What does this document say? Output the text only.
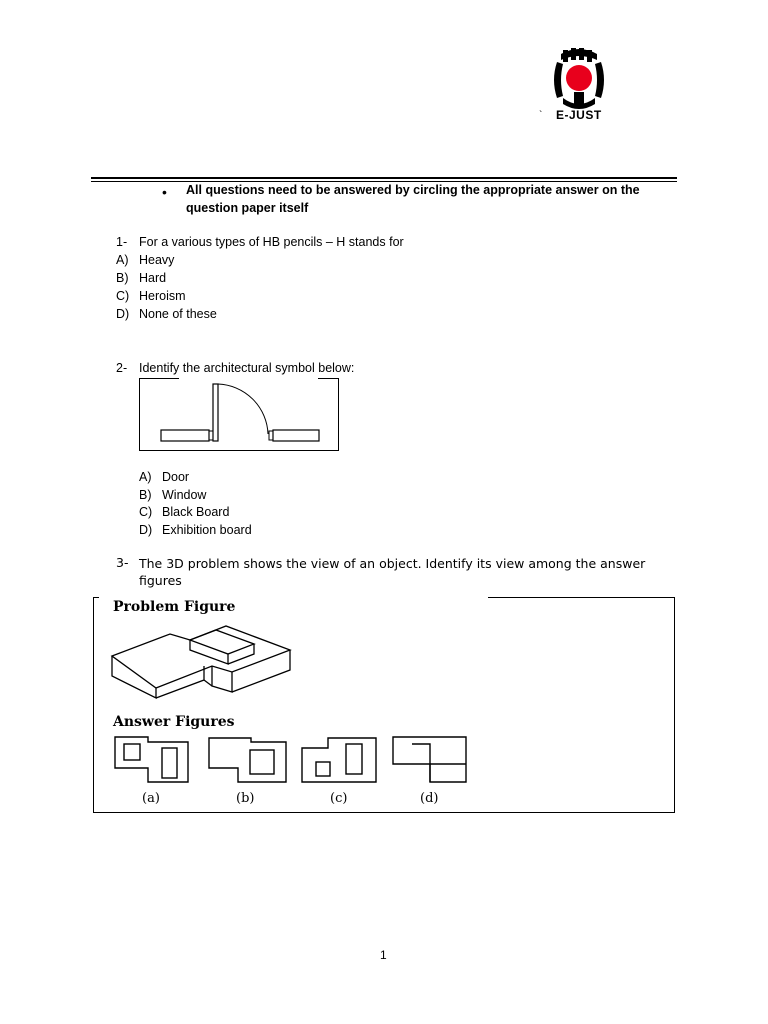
` E-JUST
• All questions need to be answered by circling the appropriate answer on the question paper itself
1- For a various types of HB pencils – H stands for
A) Heavy
B) Hard
C) Heroism
D) None of these
2- Identify the architectural symbol below:
A) Door
B) Window
C) Black Board
D) Exhibition board
3- The 3D problem shows the view of an object. Identify its view among the answer figures
Problem Figure
Answer Figures
(a)	(b)	(c)	(d)
1
